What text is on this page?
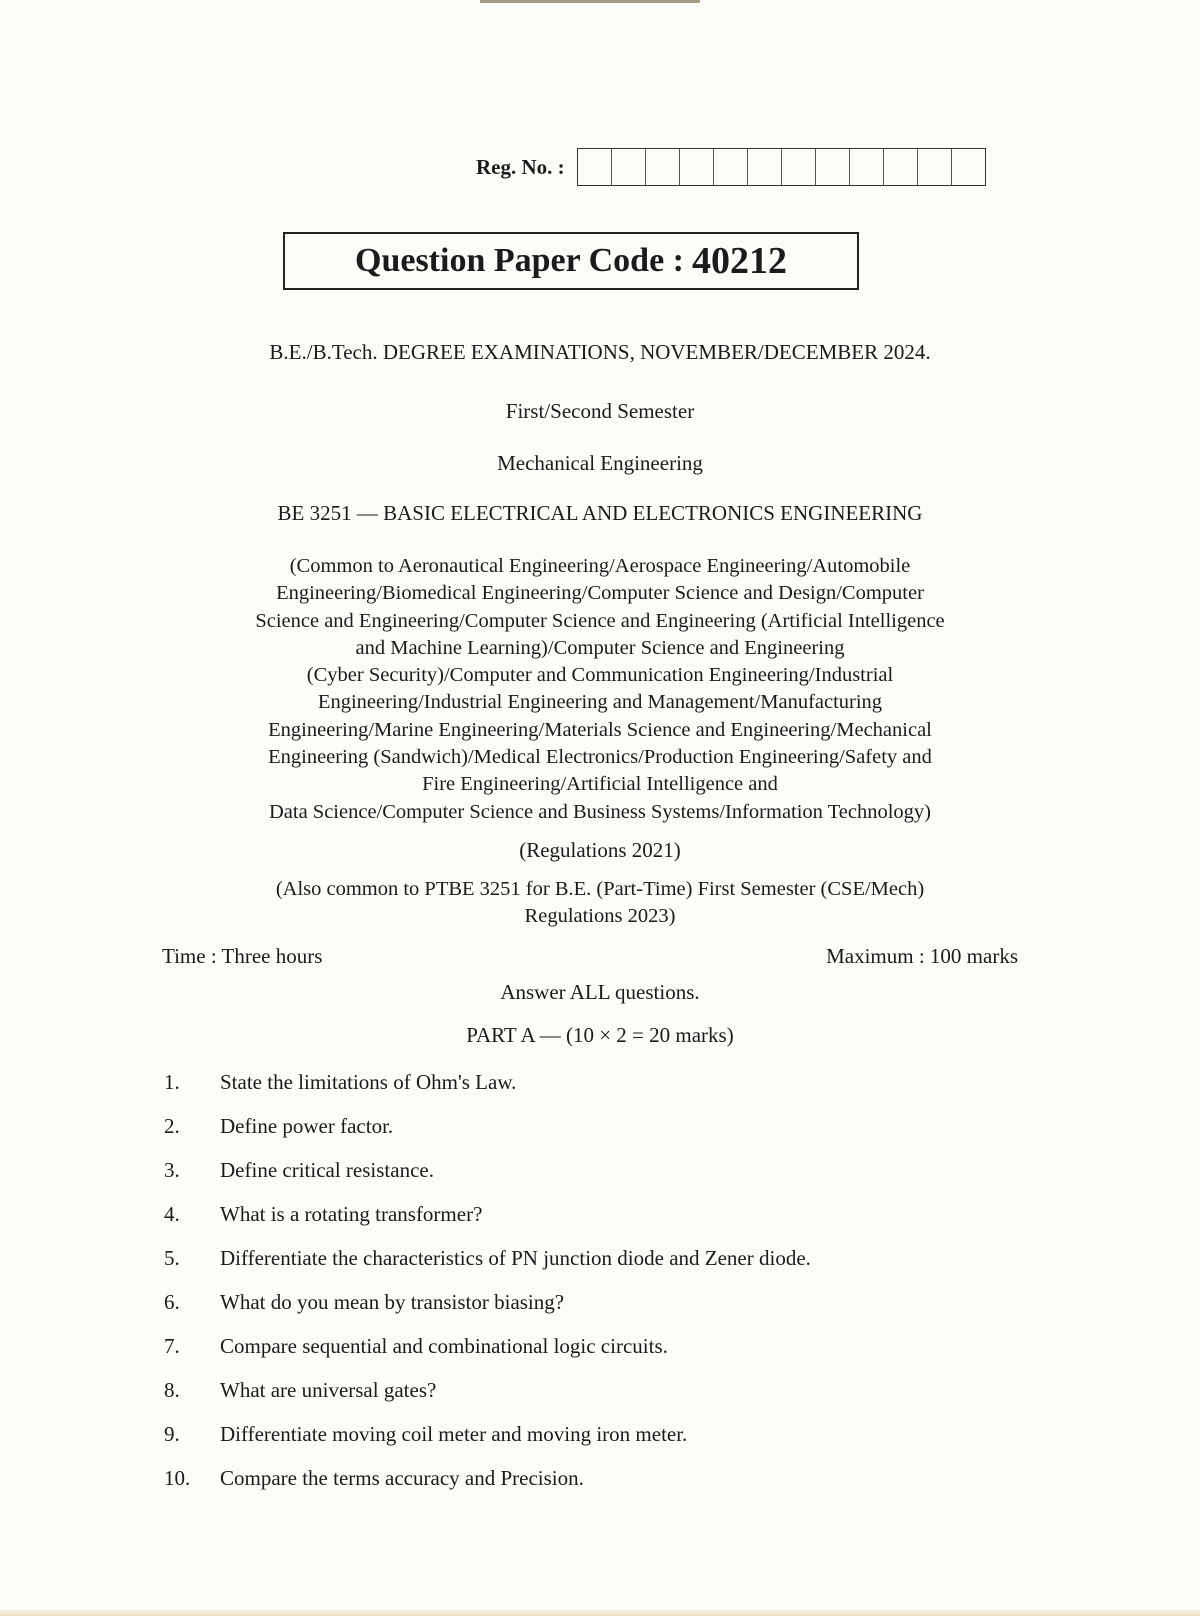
Reg. No. :
Question Paper Code : 40212
B.E./B.Tech. DEGREE EXAMINATIONS, NOVEMBER/DECEMBER 2024.
First/Second Semester
Mechanical Engineering
BE 3251 — BASIC ELECTRICAL AND ELECTRONICS ENGINEERING
(Common to Aeronautical Engineering/Aerospace Engineering/Automobile
Engineering/Biomedical Engineering/Computer Science and Design/Computer
Science and Engineering/Computer Science and Engineering (Artificial Intelligence
and Machine Learning)/Computer Science and Engineering
(Cyber Security)/Computer and Communication Engineering/Industrial
Engineering/Industrial Engineering and Management/Manufacturing
Engineering/Marine Engineering/Materials Science and Engineering/Mechanical
Engineering (Sandwich)/Medical Electronics/Production Engineering/Safety and
Fire Engineering/Artificial Intelligence and
Data Science/Computer Science and Business Systems/Information Technology)
(Regulations 2021)
(Also common to PTBE 3251 for B.E. (Part-Time) First Semester (CSE/Mech)
Regulations 2023)
Time : Three hours	Maximum : 100 marks
Answer ALL questions.
PART A — (10 × 2 = 20 marks)
1.	State the limitations of Ohm's Law.
2.	Define power factor.
3.	Define critical resistance.
4.	What is a rotating transformer?
5.	Differentiate the characteristics of PN junction diode and Zener diode.
6.	What do you mean by transistor biasing?
7.	Compare sequential and combinational logic circuits.
8.	What are universal gates?
9.	Differentiate moving coil meter and moving iron meter.
10.	Compare the terms accuracy and Precision.
